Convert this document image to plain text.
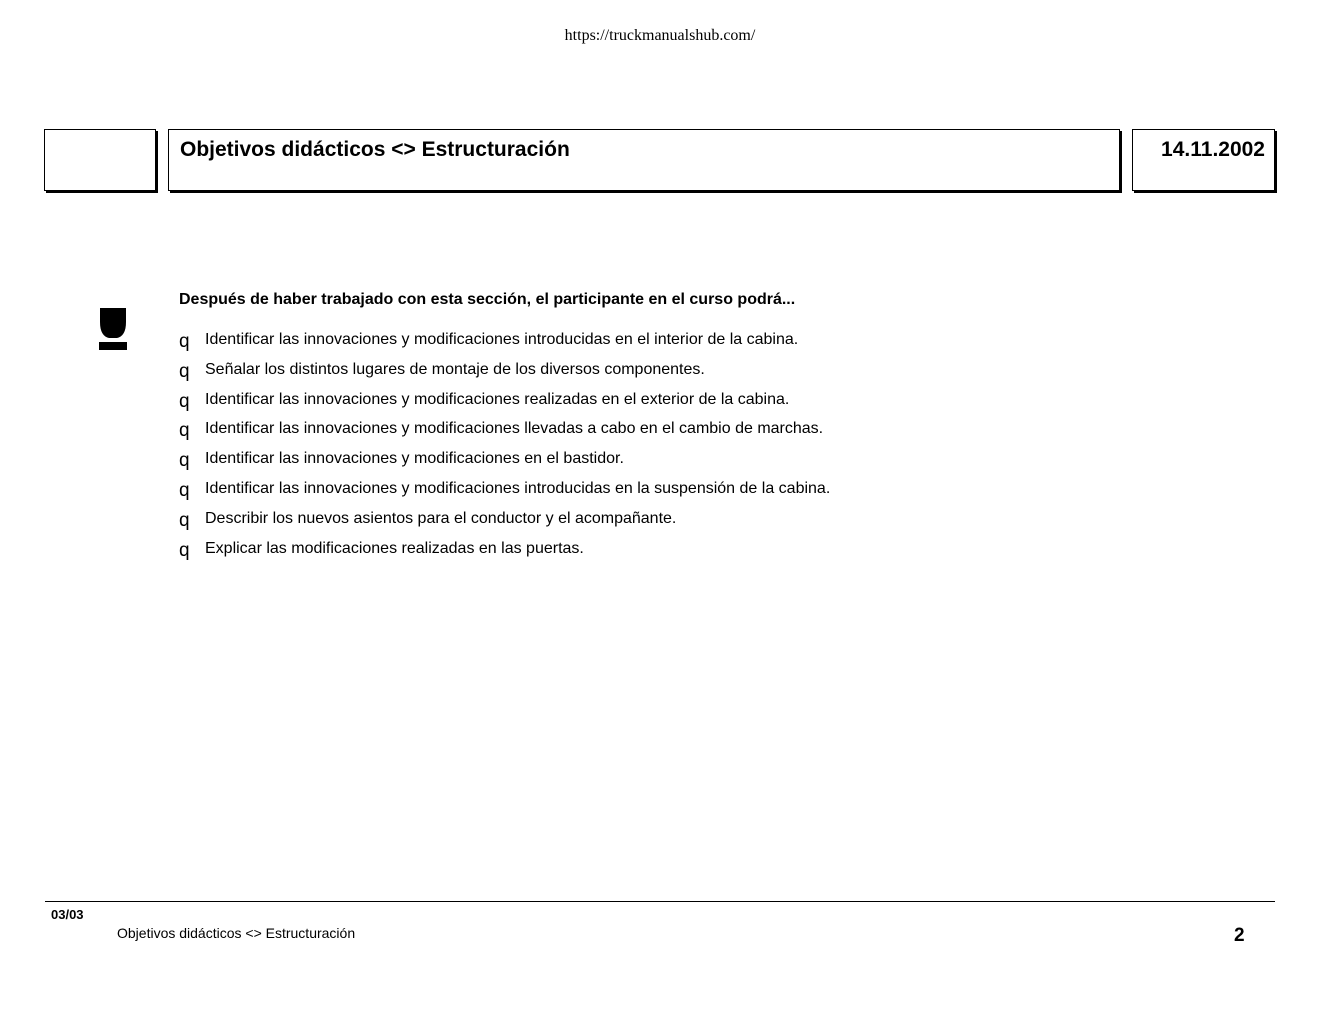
https://truckmanualshub.com/
Objetivos didácticos <> Estructuración	14.11.2002
Después de haber trabajado con esta sección, el participante en el curso podrá...
q Identificar las innovaciones y modificaciones introducidas en el interior de la cabina.
q Señalar los distintos lugares de montaje de los diversos componentes.
q Identificar las innovaciones y modificaciones realizadas en el exterior de la cabina.
q Identificar las innovaciones y modificaciones llevadas a cabo en el cambio de marchas.
q Identificar las innovaciones y modificaciones en el bastidor.
q Identificar las innovaciones y modificaciones introducidas en la suspensión de la cabina.
q Describir los nuevos asientos para el conductor y el acompañante.
q Explicar las modificaciones realizadas en las puertas.
03/03
Objetivos didácticos <> Estructuración	2
